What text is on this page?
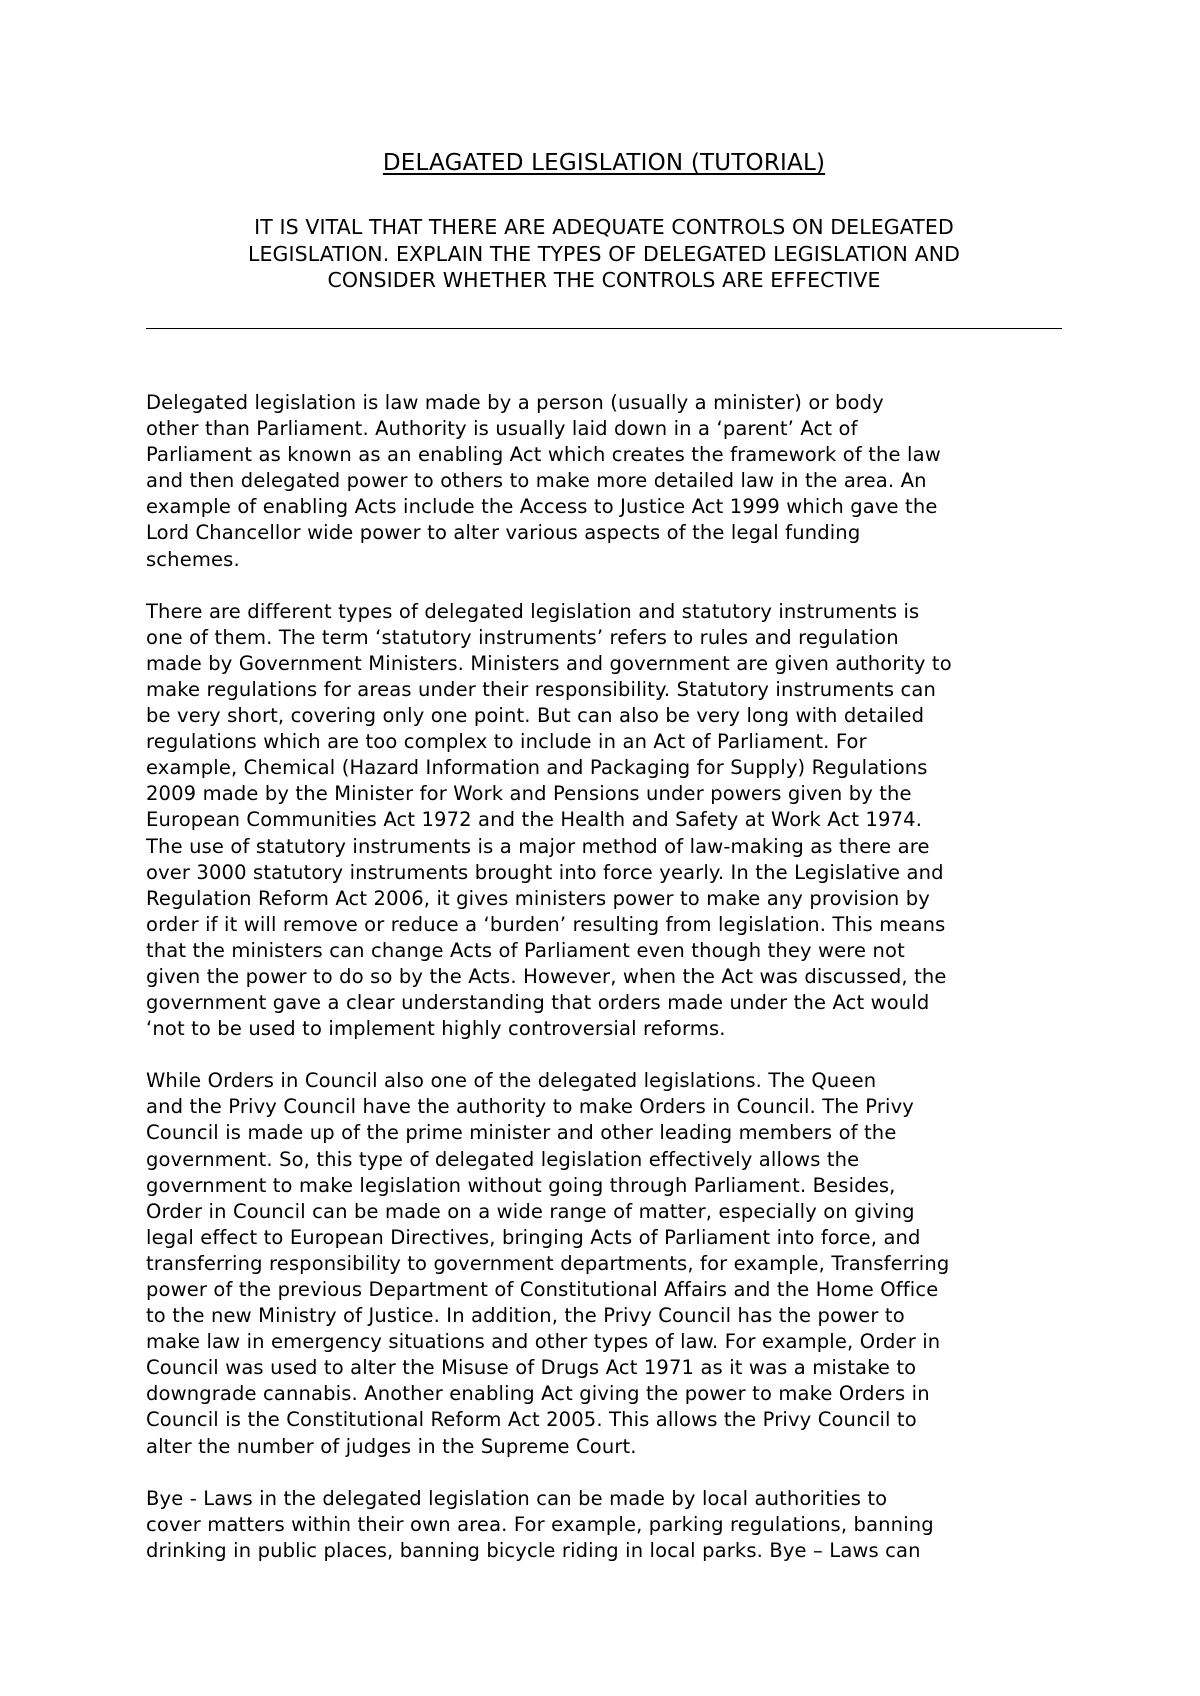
DELAGATED LEGISLATION (TUTORIAL)
IT IS VITAL THAT THERE ARE ADEQUATE CONTROLS ON DELEGATED
LEGISLATION. EXPLAIN THE TYPES OF DELEGATED LEGISLATION AND
CONSIDER WHETHER THE CONTROLS ARE EFFECTIVE

Delegated legislation is law made by a person (usually a minister) or body
other than Parliament. Authority is usually laid down in a ‘parent’ Act of
Parliament as known as an enabling Act which creates the framework of the law
and then delegated power to others to make more detailed law in the area. An
example of enabling Acts include the Access to Justice Act 1999 which gave the
Lord Chancellor wide power to alter various aspects of the legal funding
schemes.

There are different types of delegated legislation and statutory instruments is
one of them. The term ‘statutory instruments’ refers to rules and regulation
made by Government Ministers. Ministers and government are given authority to
make regulations for areas under their responsibility. Statutory instruments can
be very short, covering only one point. But can also be very long with detailed
regulations which are too complex to include in an Act of Parliament. For
example, Chemical (Hazard Information and Packaging for Supply) Regulations
2009 made by the Minister for Work and Pensions under powers given by the
European Communities Act 1972 and the Health and Safety at Work Act 1974.
The use of statutory instruments is a major method of law-making as there are
over 3000 statutory instruments brought into force yearly. In the Legislative and
Regulation Reform Act 2006, it gives ministers power to make any provision by
order if it will remove or reduce a ‘burden’ resulting from legislation. This means
that the ministers can change Acts of Parliament even though they were not
given the power to do so by the Acts. However, when the Act was discussed, the
government gave a clear understanding that orders made under the Act would
‘not to be used to implement highly controversial reforms.

While Orders in Council also one of the delegated legislations. The Queen
and the Privy Council have the authority to make Orders in Council. The Privy
Council is made up of the prime minister and other leading members of the
government. So, this type of delegated legislation effectively allows the
government to make legislation without going through Parliament. Besides,
Order in Council can be made on a wide range of matter, especially on giving
legal effect to European Directives, bringing Acts of Parliament into force, and
transferring responsibility to government departments, for example, Transferring
power of the previous Department of Constitutional Affairs and the Home Office
to the new Ministry of Justice. In addition, the Privy Council has the power to
make law in emergency situations and other types of law. For example, Order in
Council was used to alter the Misuse of Drugs Act 1971 as it was a mistake to
downgrade cannabis. Another enabling Act giving the power to make Orders in
Council is the Constitutional Reform Act 2005. This allows the Privy Council to
alter the number of judges in the Supreme Court.

Bye - Laws in the delegated legislation can be made by local authorities to
cover matters within their own area. For example, parking regulations, banning
drinking in public places, banning bicycle riding in local parks. Bye – Laws can
